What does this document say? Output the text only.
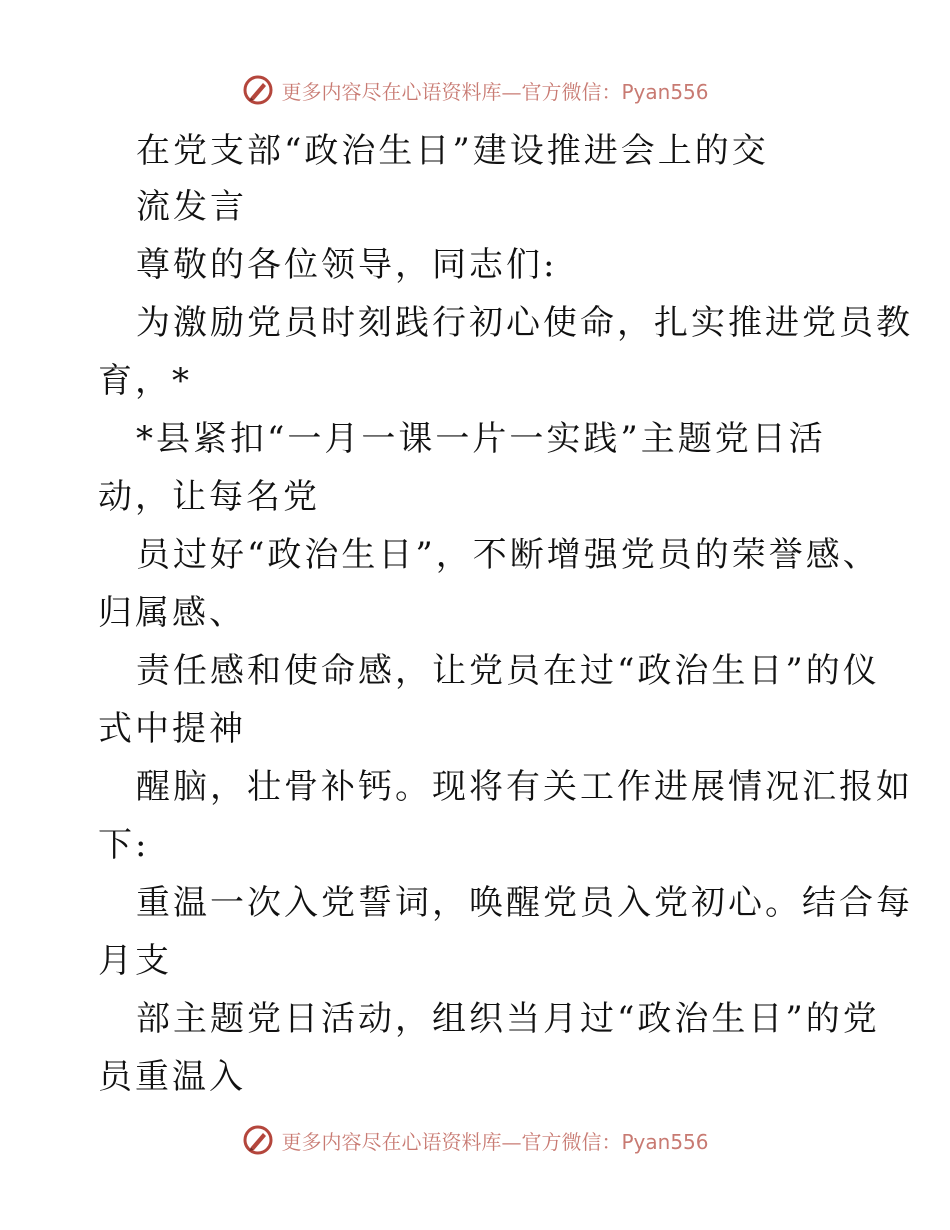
更多内容尽在心语资料库—官方微信：Pyan556
在党支部“政治生日”建设推进会上的交
流发言
尊敬的各位领导，同志们:
为激励党员时刻践行初心使命，扎实推进党员教
育，*
*县紧扣“一月一课一片一实践”主题党日活
动，让每名党
员过好“政治生日”，不断增强党员的荣誉感、
归属感、
责任感和使命感，让党员在过“政治生日”的仪
式中提神
醒脑，壮骨补钙。现将有关工作进展情况汇报如
下:
重温一次入党誓词，唤醒党员入党初心。结合每
月支
部主题党日活动，组织当月过“政治生日”的党
员重温入
更多内容尽在心语资料库—官方微信：Pyan556
